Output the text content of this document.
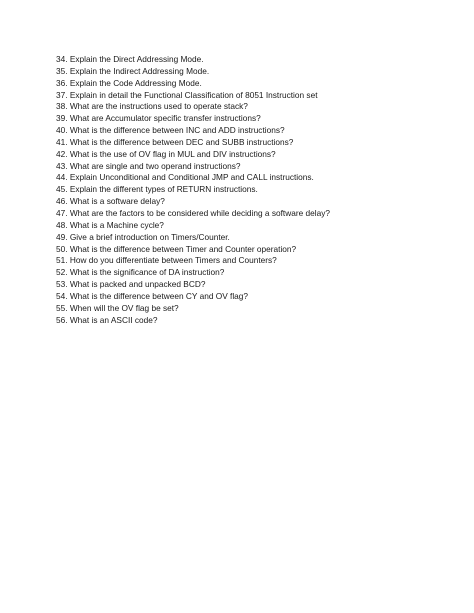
34. Explain the Direct Addressing Mode.
35. Explain the Indirect Addressing Mode.
36. Explain the Code Addressing Mode.
37. Explain in detail the Functional Classification of 8051 Instruction set
38. What are the instructions used to operate stack?
39. What are Accumulator specific transfer instructions?
40. What is the difference between INC and ADD instructions?
41. What is the difference between DEC and SUBB instructions?
42. What is the use of OV flag in MUL and DIV instructions?
43. What are single and two operand instructions?
44. Explain Unconditional and Conditional JMP and CALL instructions.
45. Explain the different types of RETURN instructions.
46. What is a software delay?
47. What are the factors to be considered while deciding a software delay?
48. What is a Machine cycle?
49. Give a brief introduction on Timers/Counter.
50. What is the difference between Timer and Counter operation?
51. How do you differentiate between Timers and Counters?
52. What is the significance of DA instruction?
53. What is packed and unpacked BCD?
54. What is the difference between CY and OV flag?
55. When will the OV flag be set?
56. What is an ASCII code?
